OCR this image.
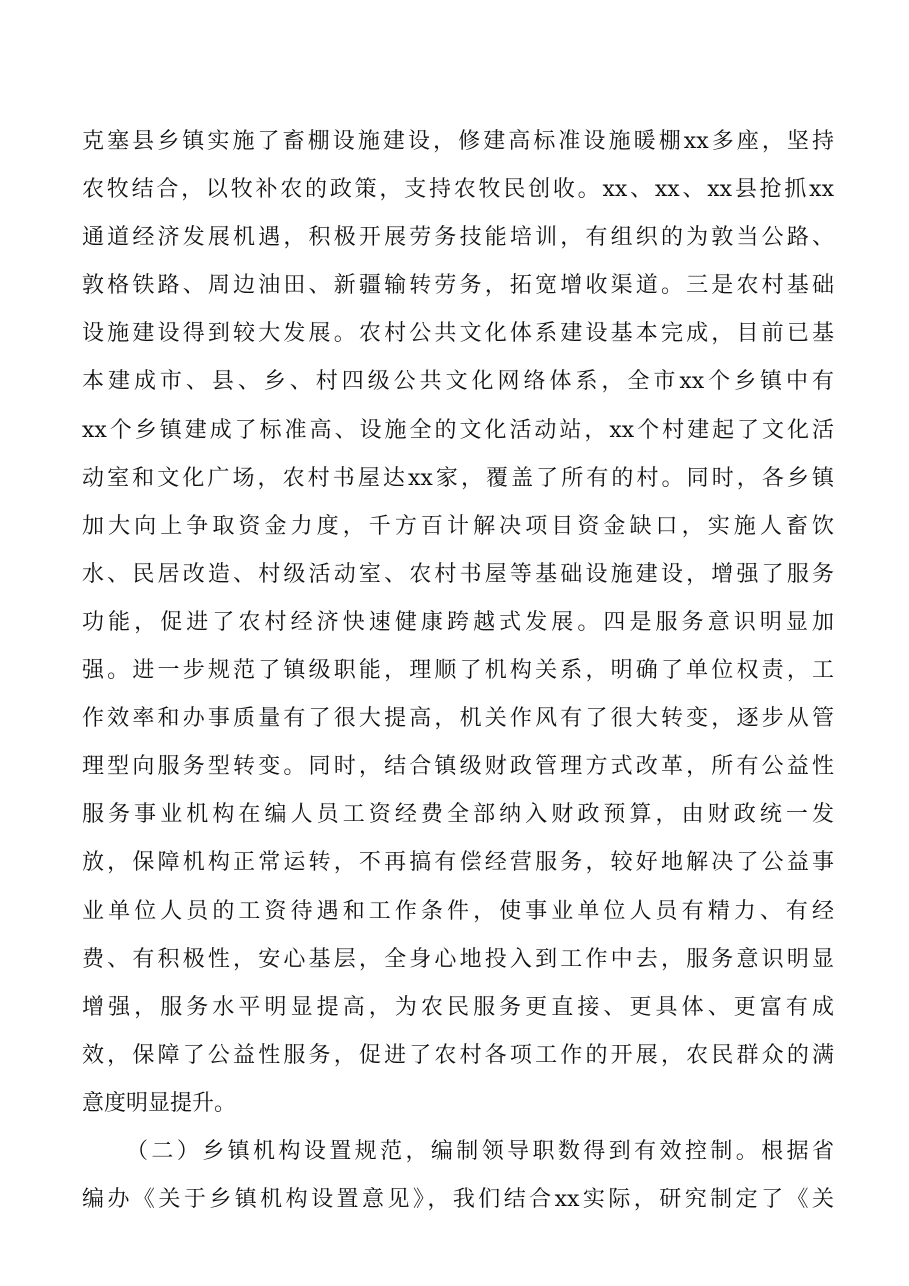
克塞县乡镇实施了畜棚设施建设，修建高标准设施暖棚xx多座，坚持
农牧结合，以牧补农的政策，支持农牧民创收。xx、xx、xx县抢抓xx
通道经济发展机遇，积极开展劳务技能培训，有组织的为敦当公路、
敦格铁路、周边油田、新疆输转劳务，拓宽增收渠道。三是农村基础
设施建设得到较大发展。农村公共文化体系建设基本完成，目前已基
本建成市、县、乡、村四级公共文化网络体系，全市xx个乡镇中有
xx个乡镇建成了标准高、设施全的文化活动站，xx个村建起了文化活
动室和文化广场，农村书屋达xx家，覆盖了所有的村。同时，各乡镇
加大向上争取资金力度，千方百计解决项目资金缺口，实施人畜饮
水、民居改造、村级活动室、农村书屋等基础设施建设，增强了服务
功能，促进了农村经济快速健康跨越式发展。四是服务意识明显加
强。进一步规范了镇级职能，理顺了机构关系，明确了单位权责，工
作效率和办事质量有了很大提高，机关作风有了很大转变，逐步从管
理型向服务型转变。同时，结合镇级财政管理方式改革，所有公益性
服务事业机构在编人员工资经费全部纳入财政预算，由财政统一发
放，保障机构正常运转，不再搞有偿经营服务，较好地解决了公益事
业单位人员的工资待遇和工作条件，使事业单位人员有精力、有经
费、有积极性，安心基层，全身心地投入到工作中去，服务意识明显
增强，服务水平明显提高，为农民服务更直接、更具体、更富有成
效，保障了公益性服务，促进了农村各项工作的开展，农民群众的满
意度明显提升。
（二）乡镇机构设置规范，编制领导职数得到有效控制。根据省
编办《关于乡镇机构设置意见》，我们结合xx实际，研究制定了《关
